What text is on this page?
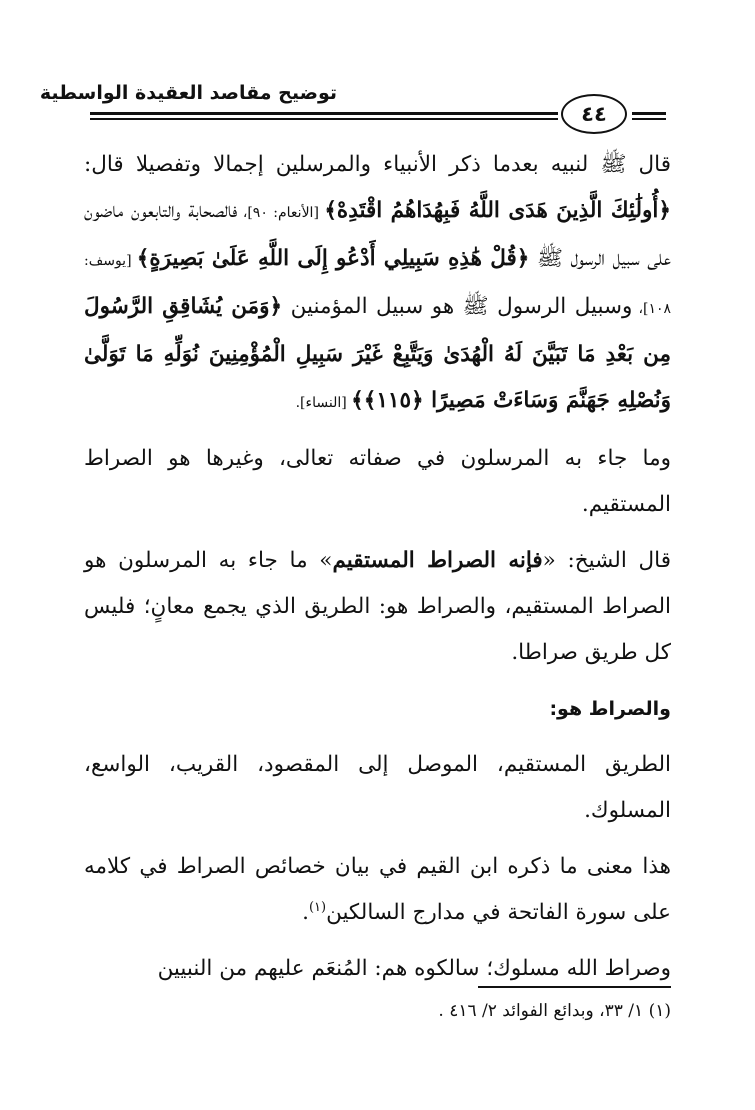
توضيح مقاصد العقيدة الواسطية
٤٤

قال ﷺ لنبيه بعدما ذكر الأنبياء والمرسلين إجمالا وتفصيلا قال: ﴿أُولَٰئِكَ الَّذِينَ هَدَى اللَّهُ فَبِهُدَاهُمُ اقْتَدِهْ﴾ [الأنعام: ٩٠]، فالصحابة والتابعون ماضون على سبيل الرسول ﷺ ﴿قُلْ هَٰذِهِ سَبِيلِي أَدْعُو إِلَى اللَّهِ عَلَىٰ بَصِيرَةٍ﴾ [يوسف: ١٠٨]، وسبيل الرسول ﷺ هو سبيل المؤمنين ﴿وَمَن يُشَاقِقِ الرَّسُولَ مِن بَعْدِ مَا تَبَيَّنَ لَهُ الْهُدَىٰ وَيَتَّبِعْ غَيْرَ سَبِيلِ الْمُؤْمِنِينَ نُوَلِّهِ مَا تَوَلَّىٰ وَنُصْلِهِ جَهَنَّمَ وَسَاءَتْ مَصِيرًا ﴿١١٥﴾﴾ [النساء].

وما جاء به المرسلون في صفاته تعالى، وغيرها هو الصراط المستقيم.

قال الشيخ: «فإنه الصراط المستقيم» ما جاء به المرسلون هو الصراط المستقيم، والصراط هو: الطريق الذي يجمع معانٍ؛ فليس كل طريق صراطا.

والصراط هو:

الطريق المستقيم، الموصل إلى المقصود، القريب، الواسع، المسلوك.

هذا معنى ما ذكره ابن القيم في بيان خصائص الصراط في كلامه على سورة الفاتحة في مدارج السالكين$^{(١)}$.

وصراط الله مسلوك؛ سالكوه هم: المُنعَم عليهم من النبيين

(١) ١/ ٣٣، وبدائع الفوائد ٢/ ٤١٦ .
